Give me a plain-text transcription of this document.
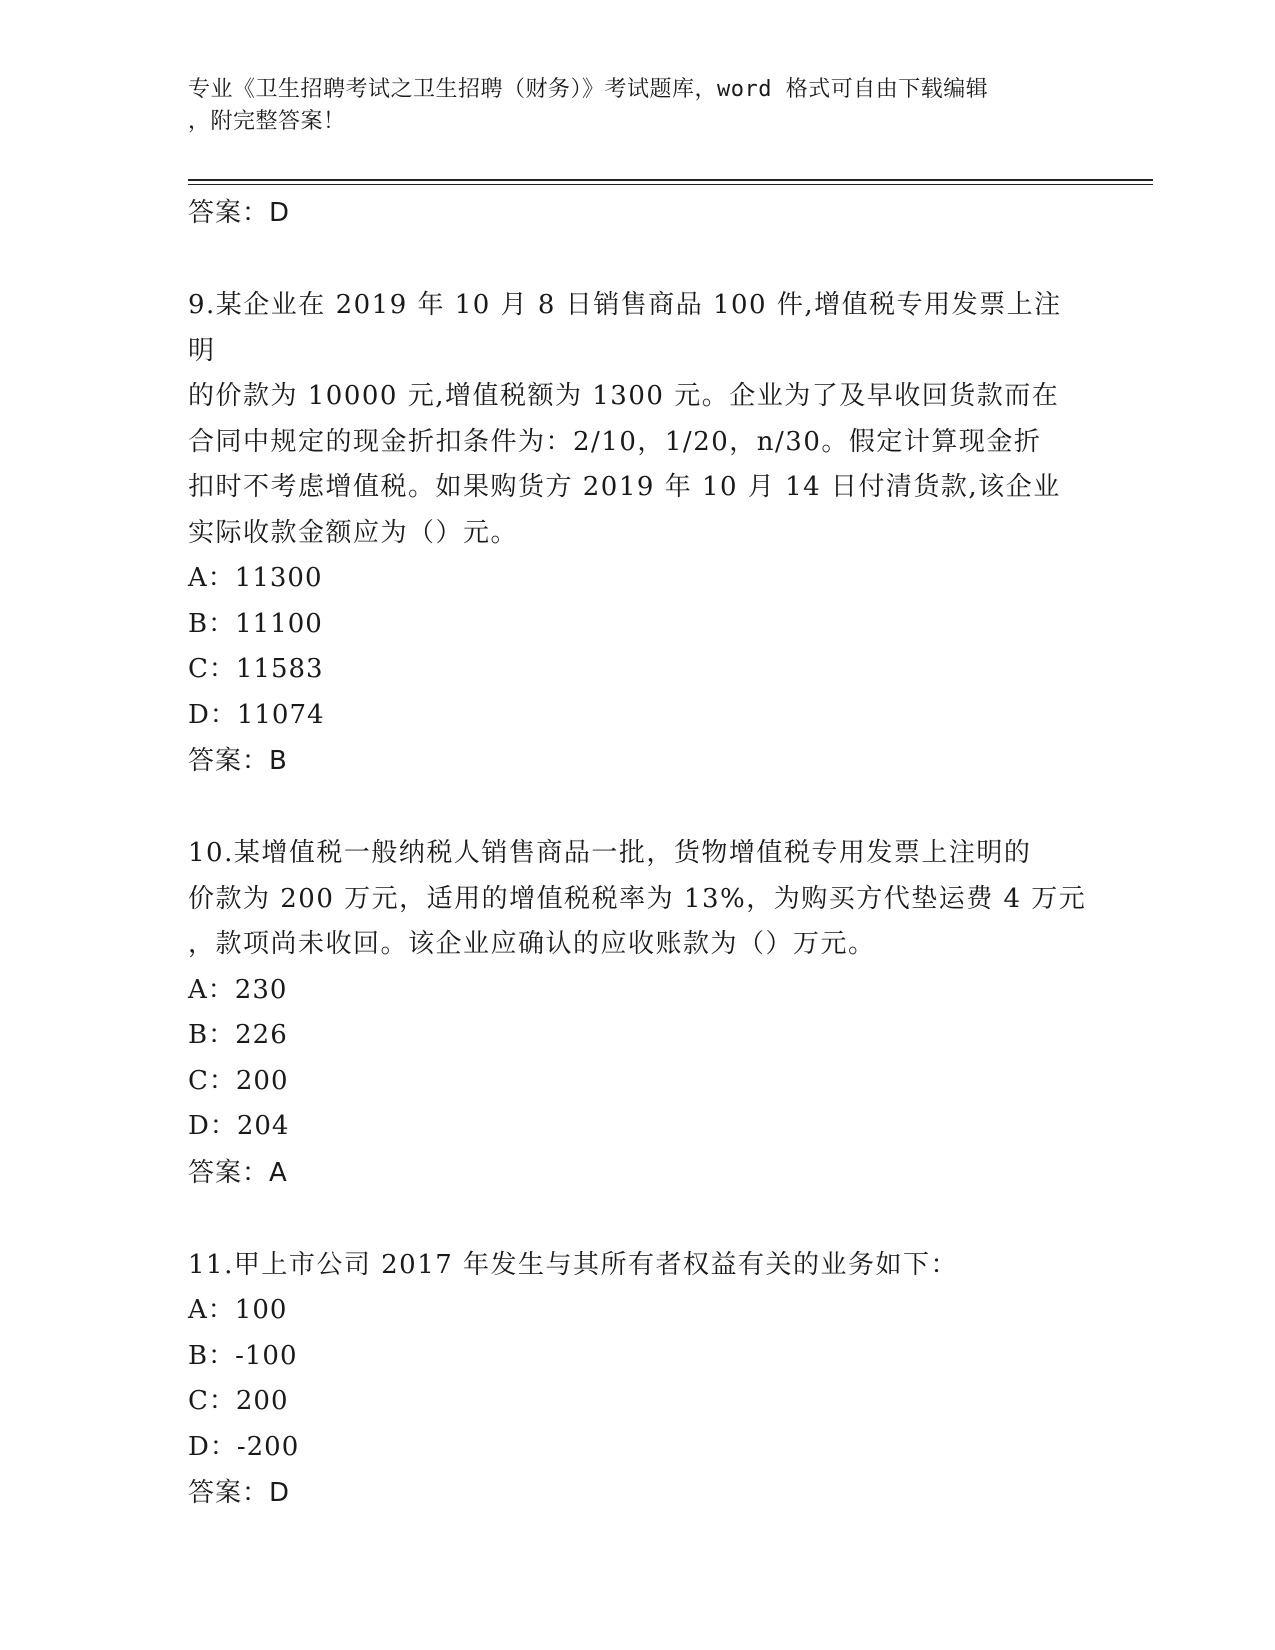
专业《卫生招聘考试之卫生招聘（财务）》考试题库，word 格式可自由下载编辑
，附完整答案！
答案：D
9.某企业在 2019 年 10 月 8 日销售商品 100 件,增值税专用发票上注明
的价款为 10000 元,增值税额为 1300 元。企业为了及早收回货款而在
合同中规定的现金折扣条件为：2/10，1/20，n/30。假定计算现金折
扣时不考虑增值税。如果购货方 2019 年 10 月 14 日付清货款,该企业
实际收款金额应为（）元。
A：11300
B：11100
C：11583
D：11074
答案：B
10.某增值税一般纳税人销售商品一批，货物增值税专用发票上注明的
价款为 200 万元，适用的增值税税率为 13%，为购买方代垫运费 4 万元
，款项尚未收回。该企业应确认的应收账款为（）万元。
A：230
B：226
C：200
D：204
答案：A
11.甲上市公司 2017 年发生与其所有者权益有关的业务如下：
A：100
B：-100
C：200
D：-200
答案：D
